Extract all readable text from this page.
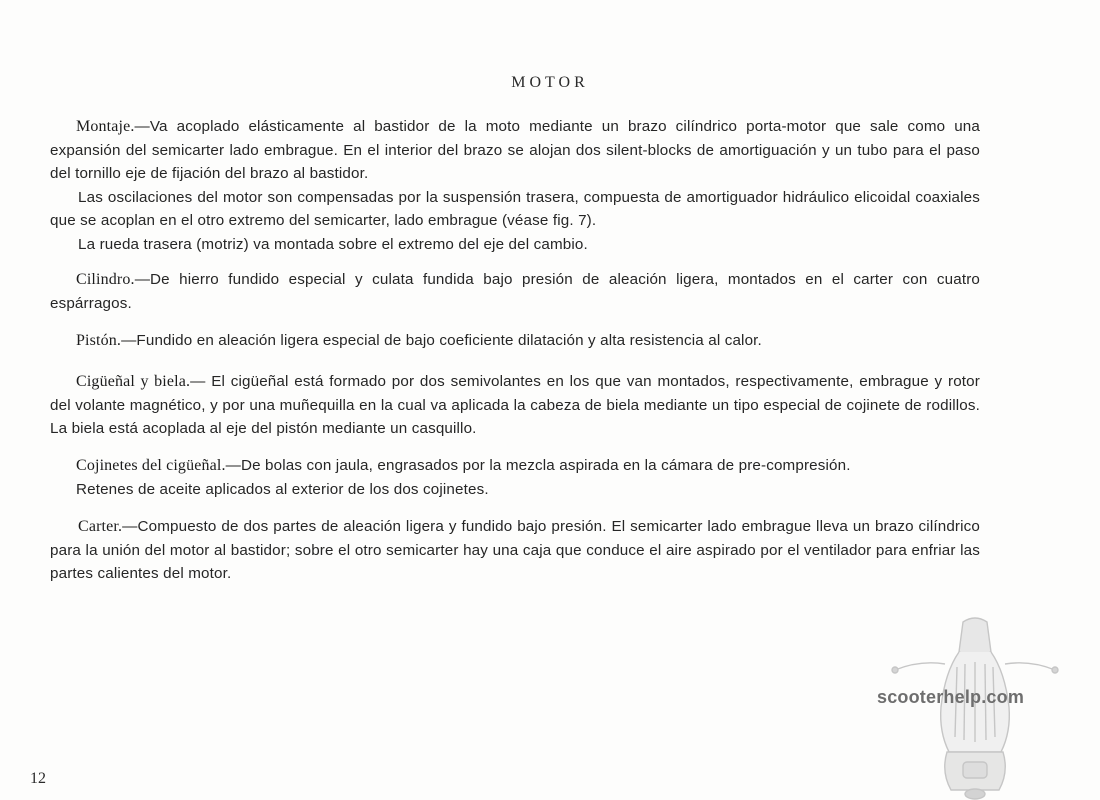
MOTOR

Montaje.—Va acoplado elásticamente al bastidor de la moto mediante un brazo cilíndrico porta-motor que sale como una expansión del semicarter lado embrague. En el interior del brazo se alojan dos silent-blocks de amortiguación y un tubo para el paso del tornillo eje de fijación del brazo al bastidor.

Las oscilaciones del motor son compensadas por la suspensión trasera, compuesta de amortiguador hidráulico elicoidal coaxiales que se acoplan en el otro extremo del semicarter, lado embrague (véase fig. 7).

La rueda trasera (motriz) va montada sobre el extremo del eje del cambio.

Cilindro.—De hierro fundido especial y culata fundida bajo presión de aleación ligera, montados en el carter con cuatro espárragos.

Pistón.—Fundido en aleación ligera especial de bajo coeficiente dilatación y alta resistencia al calor.

Cigüeñal y biela.— El cigüeñal está formado por dos semivolantes en los que van montados, respectivamente, embrague y rotor del volante magnético, y por una muñequilla en la cual va aplicada la cabeza de biela mediante un tipo especial de cojinete de rodillos. La biela está acoplada al eje del pistón mediante un casquillo.

Cojinetes del cigüeñal.—De bolas con jaula, engrasados por la mezcla aspirada en la cámara de pre-compresión.

Retenes de aceite aplicados al exterior de los dos cojinetes.

Carter.—Compuesto de dos partes de aleación ligera y fundido bajo presión. El semicarter lado embrague lleva un brazo cilíndrico para la unión del motor al bastidor; sobre el otro semicarter hay una caja que conduce el aire aspirado por el ventilador para enfriar las partes calientes del motor.

12
scooterhelp.com
